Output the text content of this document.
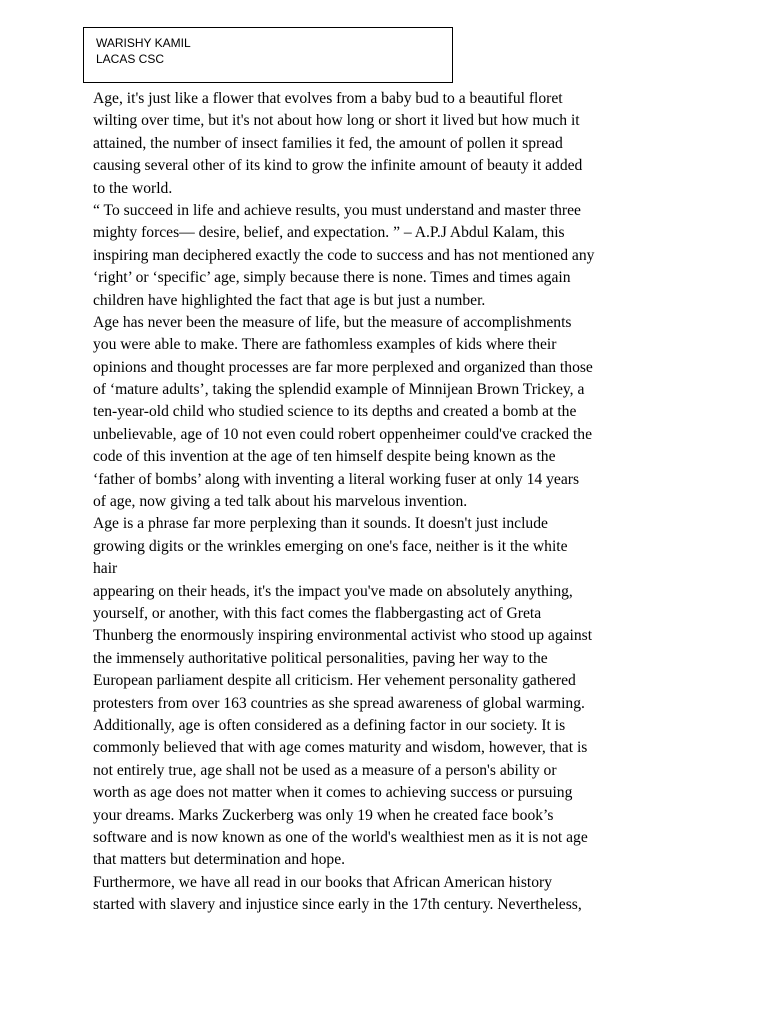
WARISHY KAMIL
LACAS CSC
Age, it's just like a flower that evolves from a baby bud to a beautiful floret
wilting over time, but it's not about how long or short it lived but how much it
attained, the number of insect families it fed, the amount of pollen it spread
causing several other of its kind to grow the infinite amount of beauty it added
to the world.
“ To succeed in life and achieve results, you must understand and master three
mighty forces— desire, belief, and expectation. ” – A.P.J Abdul Kalam, this
inspiring man deciphered exactly the code to success and has not mentioned any
‘right’ or ‘specific’ age, simply because there is none. Times and times again
children have highlighted the fact that age is but just a number.
Age has never been the measure of life, but the measure of accomplishments
you were able to make. There are fathomless examples of kids where their
opinions and thought processes are far more perplexed and organized than those
of ‘mature adults’, taking the splendid example of Minnijean Brown Trickey, a
ten-year-old child who studied science to its depths and created a bomb at the
unbelievable, age of 10 not even could robert oppenheimer could've cracked the
code of this invention at the age of ten himself despite being known as the
‘father of bombs’ along with inventing a literal working fuser at only 14 years
of age, now giving a ted talk about his marvelous invention.
Age is a phrase far more perplexing than it sounds. It doesn't just include
growing digits or the wrinkles emerging on one's face, neither is it the white
hair
appearing on their heads, it's the impact you've made on absolutely anything,
yourself, or another, with this fact comes the flabbergasting act of Greta
Thunberg the enormously inspiring environmental activist who stood up against
the immensely authoritative political personalities, paving her way to the
European parliament despite all criticism. Her vehement personality gathered
protesters from over 163 countries as she spread awareness of global warming.
Additionally, age is often considered as a defining factor in our society. It is
commonly believed that with age comes maturity and wisdom, however, that is
not entirely true, age shall not be used as a measure of a person's ability or
worth as age does not matter when it comes to achieving success or pursuing
your dreams. Marks Zuckerberg was only 19 when he created face book’s
software and is now known as one of the world's wealthiest men as it is not age
that matters but determination and hope.
Furthermore, we have all read in our books that African American history
started with slavery and injustice since early in the 17th century. Nevertheless,
